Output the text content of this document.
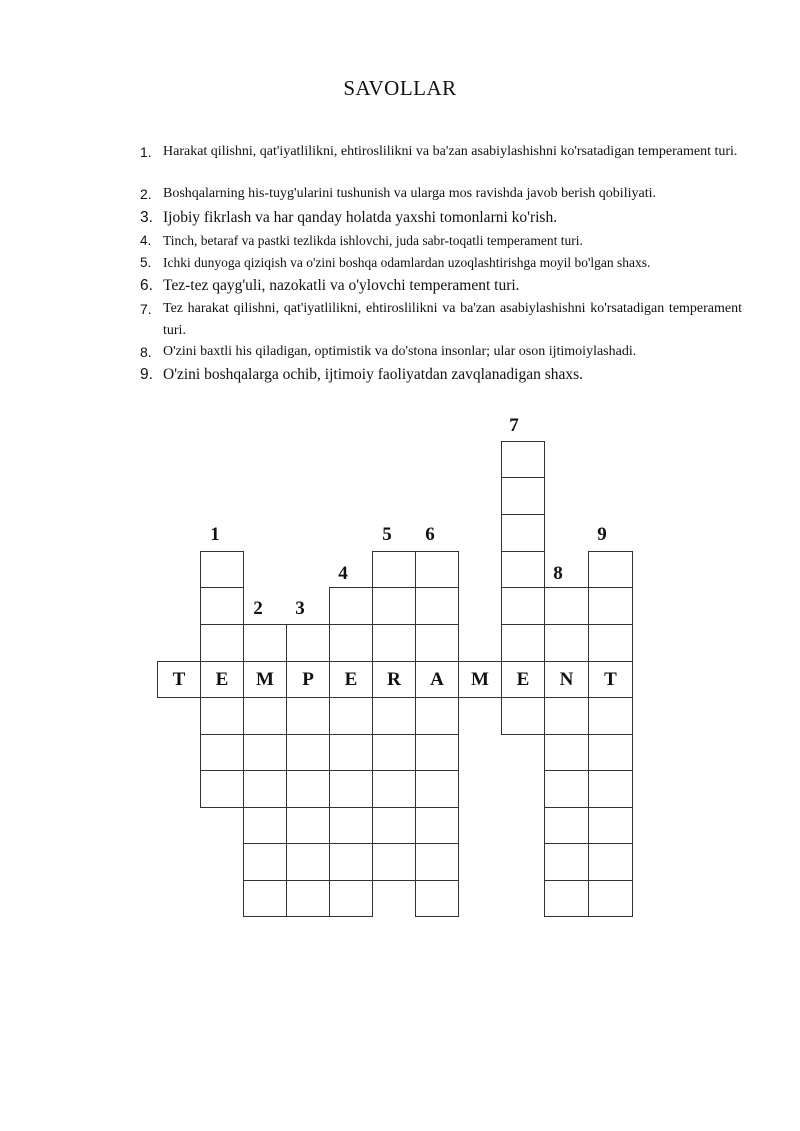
SAVOLLAR
1. Harakat qilishni, qat'iyatlilikni, ehtiroslilikni va ba'zan asabiylashishni ko'rsatadigan temperament turi.
2. Boshqalarning his-tuyg'ularini tushunish va ularga mos ravishda javob berish qobiliyati.
3. Ijobiy fikrlash va har qanday holatda yaxshi tomonlarni ko'rish.
4. Tinch, betaraf va pastki tezlikda ishlovchi, juda sabr-toqatli temperament turi.
5. Ichki dunyoga qiziqish va o'zini boshqa odamlardan uzoqlashtirishga moyil bo'lgan shaxs.
6. Tez-tez qayg'uli, nazokatli va o'ylovchi temperament turi.
7. Tez harakat qilishni, qat'iyatlilikni, ehtiroslilikni va ba'zan asabiylashishni ko'rsatadigan temperament turi.
8. O'zini baxtli his qiladigan, optimistik va do'stona insonlar; ular oson ijtimoiylashadi.
9. O'zini boshqalarga ochib, ijtimoiy faoliyatdan zavqlanadigan shaxs.
E	M	P	E	R	A	E	N	T
T	M
1
2 3
4
5 6
7
8
9
